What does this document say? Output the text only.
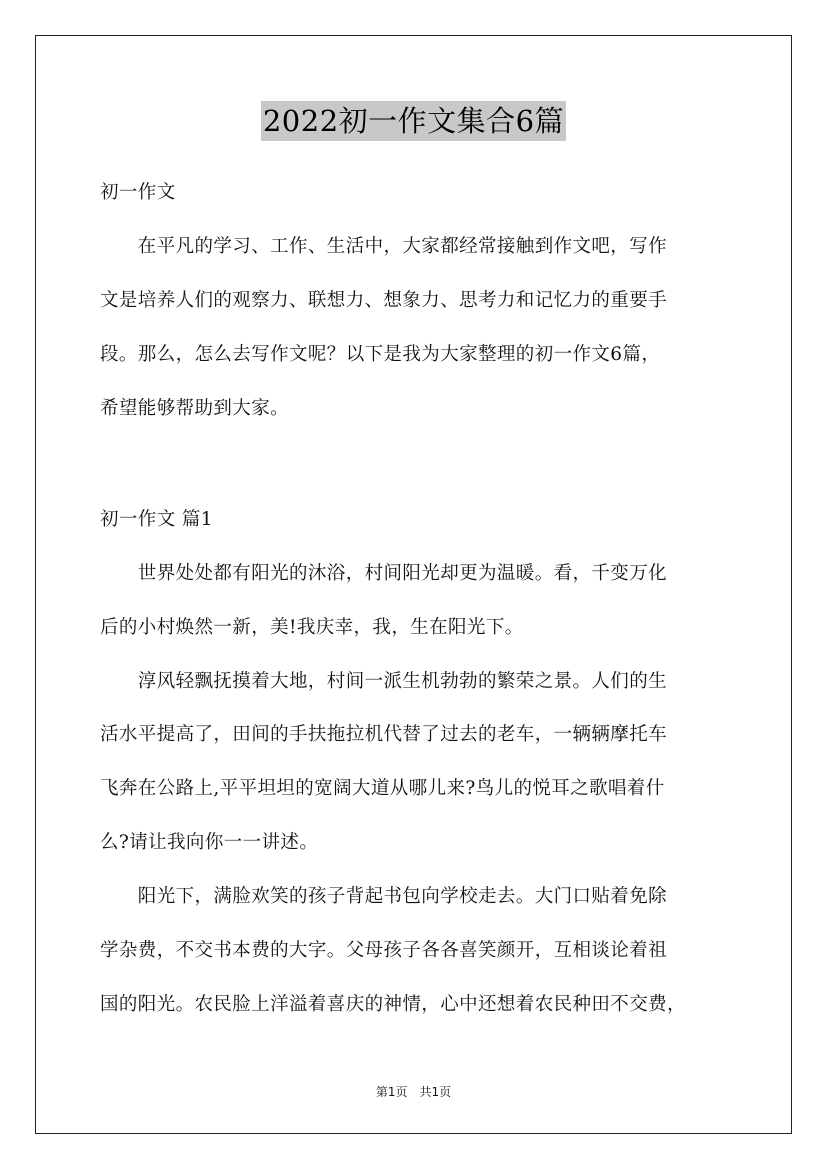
2022初一作文集合6篇
初一作文
　　在平凡的学习、工作、生活中，大家都经常接触到作文吧，写作
文是培养人们的观察力、联想力、想象力、思考力和记忆力的重要手
段。那么，怎么去写作文呢？以下是我为大家整理的初一作文6篇，
希望能够帮助到大家。
初一作文 篇1
　　世界处处都有阳光的沐浴，村间阳光却更为温暖。看，千变万化
后的小村焕然一新，美!我庆幸，我，生在阳光下。
　　淳风轻飘抚摸着大地，村间一派生机勃勃的繁荣之景。人们的生
活水平提高了，田间的手扶拖拉机代替了过去的老车，一辆辆摩托车
飞奔在公路上,平平坦坦的宽阔大道从哪儿来?鸟儿的悦耳之歌唱着什
么?请让我向你一一讲述。
　　阳光下，满脸欢笑的孩子背起书包向学校走去。大门口贴着免除
学杂费，不交书本费的大字。父母孩子各各喜笑颜开，互相谈论着祖
国的阳光。农民脸上洋溢着喜庆的神情，心中还想着农民种田不交费，
第1页　共1页
